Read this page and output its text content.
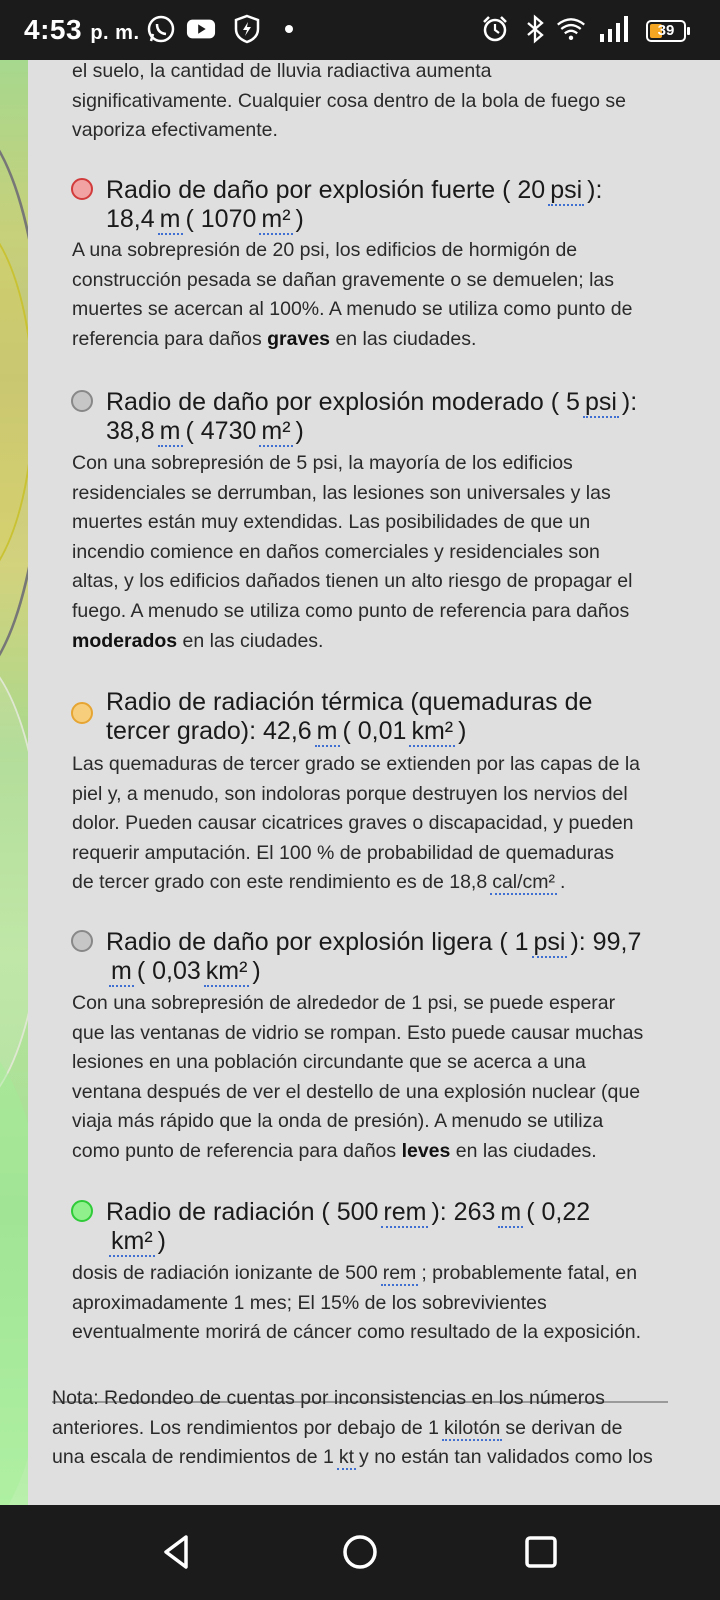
4:53 p. m.	39

el suelo, la cantidad de lluvia radiactiva aumenta
significativamente. Cualquier cosa dentro de la bola de fuego se
vaporiza efectivamente.

Radio de daño por explosión fuerte ( 20 psi ):
18,4 m ( 1070 m² )

A una sobrepresión de 20 psi, los edificios de hormigón de
construcción pesada se dañan gravemente o se demuelen; las
muertes se acercan al 100%. A menudo se utiliza como punto de
referencia para daños graves en las ciudades.

Radio de daño por explosión moderado ( 5 psi ):
38,8 m ( 4730 m² )

Con una sobrepresión de 5 psi, la mayoría de los edificios
residenciales se derrumban, las lesiones son universales y las
muertes están muy extendidas. Las posibilidades de que un
incendio comience en daños comerciales y residenciales son
altas, y los edificios dañados tienen un alto riesgo de propagar el
fuego. A menudo se utiliza como punto de referencia para daños
moderados en las ciudades.

Radio de radiación térmica (quemaduras de
tercer grado): 42,6 m ( 0,01 km² )

Las quemaduras de tercer grado se extienden por las capas de la
piel y, a menudo, son indoloras porque destruyen los nervios del
dolor. Pueden causar cicatrices graves o discapacidad, y pueden
requerir amputación. El 100 % de probabilidad de quemaduras
de tercer grado con este rendimiento es de 18,8 cal/cm² .

Radio de daño por explosión ligera ( 1 psi ): 99,7
m ( 0,03 km² )

Con una sobrepresión de alrededor de 1 psi, se puede esperar
que las ventanas de vidrio se rompan. Esto puede causar muchas
lesiones en una población circundante que se acerca a una
ventana después de ver el destello de una explosión nuclear (que
viaja más rápido que la onda de presión). A menudo se utiliza
como punto de referencia para daños leves en las ciudades.

Radio de radiación ( 500 rem ): 263 m ( 0,22
km² )

dosis de radiación ionizante de 500 rem ; probablemente fatal, en
aproximadamente 1 mes; El 15% de los sobrevivientes
eventualmente morirá de cáncer como resultado de la exposición.

Nota: Redondeo de cuentas por inconsistencias en los números
anteriores. Los rendimientos por debajo de 1 kilotón se derivan de
una escala de rendimientos de 1 kt y no están tan validados como los
